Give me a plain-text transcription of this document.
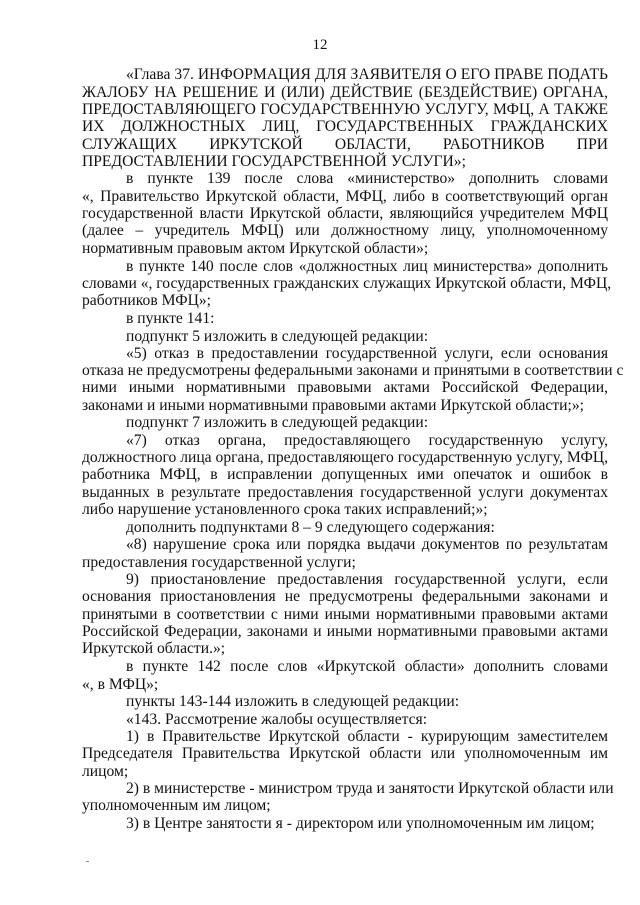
12
«Глава 37. ИНФОРМАЦИЯ ДЛЯ ЗАЯВИТЕЛЯ О ЕГО ПРАВЕ ПОДАТЬ
ЖАЛОБУ НА РЕШЕНИЕ И (ИЛИ) ДЕЙСТВИЕ (БЕЗДЕЙСТВИЕ) ОРГАНА,
ПРЕДОСТАВЛЯЮЩЕГО ГОСУДАРСТВЕННУЮ УСЛУГУ, МФЦ, А ТАКЖЕ
ИХ ДОЛЖНОСТНЫХ ЛИЦ, ГОСУДАРСТВЕННЫХ ГРАЖДАНСКИХ
СЛУЖАЩИХ ИРКУТСКОЙ ОБЛАСТИ, РАБОТНИКОВ ПРИ
ПРЕДОСТАВЛЕНИИ ГОСУДАРСТВЕННОЙ УСЛУГИ»;
в пункте 139 после слова «министерство» дополнить словами
«, Правительство Иркутской области, МФЦ, либо в соответствующий орган
государственной власти Иркутской области, являющийся учредителем МФЦ
(далее – учредитель МФЦ) или должностному лицу, уполномоченному
нормативным правовым актом Иркутской области»;
в пункте 140 после слов «должностных лиц министерства» дополнить
словами «, государственных гражданских служащих Иркутской области, МФЦ,
работников МФЦ»;
в пункте 141:
подпункт 5 изложить в следующей редакции:
«5) отказ в предоставлении государственной услуги, если основания
отказа не предусмотрены федеральными законами и принятыми в соответствии с
ними иными нормативными правовыми актами Российской Федерации,
законами и иными нормативными правовыми актами Иркутской области;»;
подпункт 7 изложить в следующей редакции:
«7) отказ органа, предоставляющего государственную услугу,
должностного лица органа, предоставляющего государственную услугу, МФЦ,
работника МФЦ, в исправлении допущенных ими опечаток и ошибок в
выданных в результате предоставления государственной услуги документах
либо нарушение установленного срока таких исправлений;»;
дополнить подпунктами 8 – 9 следующего содержания:
«8) нарушение срока или порядка выдачи документов по результатам
предоставления государственной услуги;
9) приостановление предоставления государственной услуги, если
основания приостановления не предусмотрены федеральными законами и
принятыми в соответствии с ними иными нормативными правовыми актами
Российской Федерации, законами и иными нормативными правовыми актами
Иркутской области.»;
в пункте 142 после слов «Иркутской области» дополнить словами
«, в МФЦ»;
пункты 143-144 изложить в следующей редакции:
«143. Рассмотрение жалобы осуществляется:
1) в Правительстве Иркутской области - курирующим заместителем
Председателя Правительства Иркутской области или уполномоченным им
лицом;
2) в министерстве - министром труда и занятости Иркутской области или
уполномоченным им лицом;
3) в Центре занятости я - директором или уполномоченным им лицом;
